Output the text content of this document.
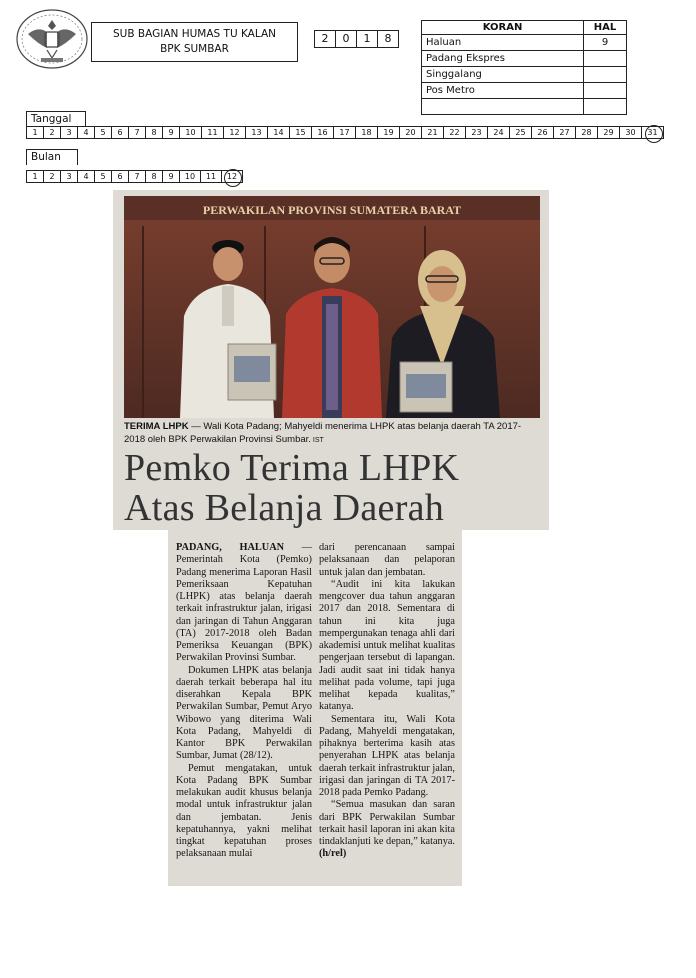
SUB BAGIAN HUMAS TU KALAN
BPK SUMBAR
2	0	1	8
KORAN	HAL
Haluan	9
Padang Ekspres	
Singgalang	
Pos Metro	

Tanggal
1	2	3	4	5	6	7	8	9	10	11	12	13	14	15	16	17	18	19	20	21	22	23	24	25	26	27	28	29	30	31
Bulan
1	2	3	4	5	6	7	8	9	10	11	12
PERWAKILAN PROVINSI SUMATERA BARAT
TERIMA LHPK — Wali Kota Padang; Mahyeldi menerima LHPK atas belanja daerah TA 2017-2018 oleh BPK Perwakilan Provinsi Sumbar. IST
Pemko Terima LHPK
Atas Belanja Daerah

PADANG, HALUAN — Pemerintah Kota (Pemko) Padang menerima Laporan Hasil Pemeriksaan Kepatuhan (LHPK) atas belanja daerah terkait infrastruktur jalan, irigasi dan jaringan di Tahun Anggaran (TA) 2017-2018 oleh Badan Pemeriksa Keuangan (BPK) Perwakilan Provinsi Sumbar.

Dokumen LHPK atas belanja daerah terkait beberapa hal itu diserahkan Kepala BPK Perwakilan Sumbar, Pemut Aryo Wibowo yang diterima Wali Kota Padang, Mahyeldi di Kantor BPK Perwakilan Sumbar, Jumat (28/12).

Pemut mengatakan, untuk Kota Padang BPK Sumbar melakukan audit khusus belanja modal untuk infrastruktur jalan dan jembatan. Jenis kepatuhannya, yakni melihat tingkat kepatuhan proses pelaksanaan mulai

dari perencanaan sampai pelaksanaan dan pelaporan untuk jalan dan jembatan.

“Audit ini kita lakukan mengcover dua tahun anggaran 2017 dan 2018. Sementara di tahun ini kita juga mempergunakan tenaga ahli dari akademisi untuk melihat kualitas pengerjaan tersebut di lapangan. Jadi audit saat ini tidak hanya melihat pada volume, tapi juga melihat kepada kualitas,” katanya.

Sementara itu, Wali Kota Padang, Mahyeldi mengatakan, pihaknya berterima kasih atas penyerahan LHPK atas belanja daerah terkait infrastruktur jalan, irigasi dan jaringan di TA 2017-2018 pada Pemko Padang.

“Semua masukan dan saran dari BPK Perwakilan Sumbar terkait hasil laporan ini akan kita tindaklanjuti ke depan,” katanya. (h/rel)
